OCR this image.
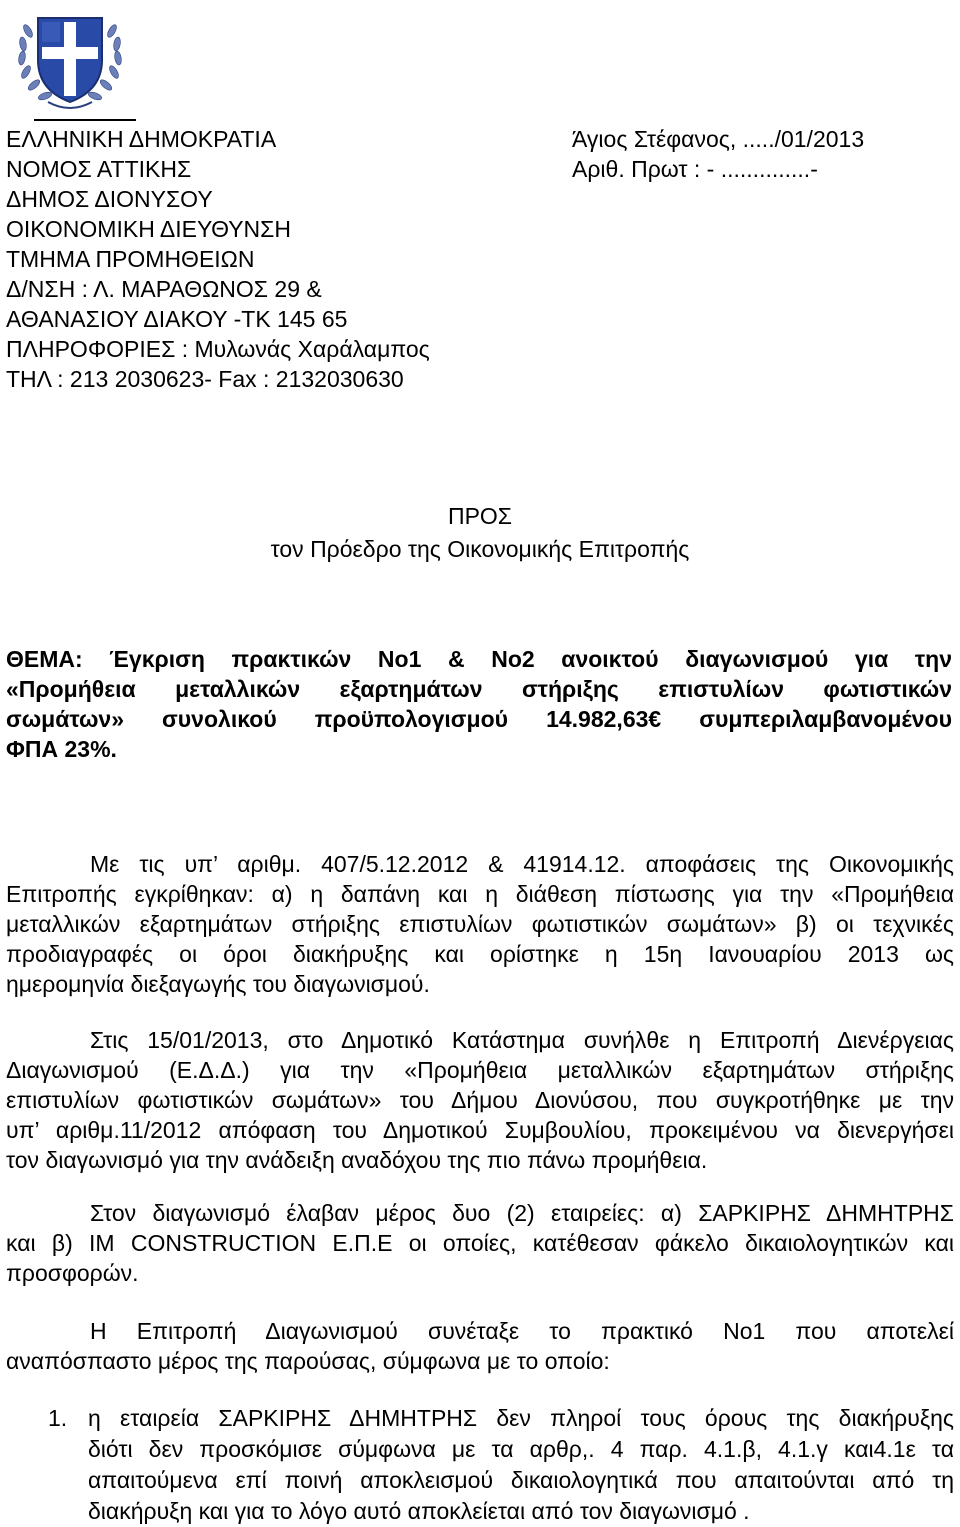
ΕΛΛΗΝΙΚΗ ΔΗΜΟΚΡΑΤΙΑ
ΝΟΜΟΣ ΑΤΤΙΚΗΣ
ΔΗΜΟΣ ΔΙΟΝΥΣΟΥ
ΟΙΚΟΝΟΜΙΚΗ ΔΙΕΥΘΥΝΣΗ
ΤΜΗΜΑ ΠΡΟΜΗΘΕΙΩΝ
Δ/ΝΣΗ : Λ. ΜΑΡΑΘΩΝΟΣ 29 &
ΑΘΑΝΑΣΙΟΥ ΔΙΑΚΟΥ -ΤΚ 145 65
ΠΛΗΡΟΦΟΡΙΕΣ : Μυλωνάς Χαράλαμπος
ΤΗΛ : 213 2030623- Fax : 2132030630
Άγιος Στέφανος, ...../01/2013
Αριθ. Πρωτ : - ..............-
ΠΡΟΣ
τον Πρόεδρο της Οικονομικής Επιτροπής
ΘΕΜΑ: Έγκριση πρακτικών Νο1 & Νο2 ανοικτού διαγωνισμού για την
«Προμήθεια μεταλλικών εξαρτημάτων στήριξης επιστυλίων φωτιστικών
σωμάτων» συνολικού προϋπολογισμού 14.982,63€ συμπεριλαμβανομένου
ΦΠΑ 23%.
Με τις υπ’ αριθμ. 407/5.12.2012 & 41914.12. αποφάσεις της Οικονομικής
Επιτροπής εγκρίθηκαν: α) η δαπάνη και η διάθεση πίστωσης για την «Προμήθεια
μεταλλικών εξαρτημάτων στήριξης επιστυλίων φωτιστικών σωμάτων» β) οι τεχνικές
προδιαγραφές οι όροι διακήρυξης και ορίστηκε η 15η Ιανουαρίου 2013 ως
ημερομηνία διεξαγωγής του διαγωνισμού.
Στις 15/01/2013, στο Δημοτικό Κατάστημα συνήλθε η Επιτροπή Διενέργειας
Διαγωνισμού (Ε.Δ.Δ.) για την «Προμήθεια μεταλλικών εξαρτημάτων στήριξης
επιστυλίων φωτιστικών σωμάτων» του Δήμου Διονύσου, που συγκροτήθηκε με την
υπ’ αριθμ.11/2012 απόφαση του Δημοτικού Συμβουλίου, προκειμένου να διενεργήσει
τον διαγωνισμό για την ανάδειξη αναδόχου της πιο πάνω προμήθεια.
Στον διαγωνισμό έλαβαν μέρος δυο (2) εταιρείες: α) ΣΑΡΚΙΡΗΣ ΔΗΜΗΤΡΗΣ
και β) IM CONSTRUCTION Ε.Π.Ε οι οποίες, κατέθεσαν φάκελο δικαιολογητικών και
προσφορών.
Η Επιτροπή Διαγωνισμού συνέταξε το πρακτικό Νο1 που αποτελεί
αναπόσπαστο μέρος της παρούσας, σύμφωνα με το οποίο:
1. η εταιρεία ΣΑΡΚΙΡΗΣ ΔΗΜΗΤΡΗΣ δεν πληροί τους όρους της διακήρυξης
διότι δεν προσκόμισε σύμφωνα με τα αρθρ,. 4 παρ. 4.1.β, 4.1.γ και4.1ε τα
απαιτούμενα επί ποινή αποκλεισμού δικαιολογητικά που απαιτούνται από τη
διακήρυξη και για το λόγο αυτό αποκλείεται από τον διαγωνισμό .
